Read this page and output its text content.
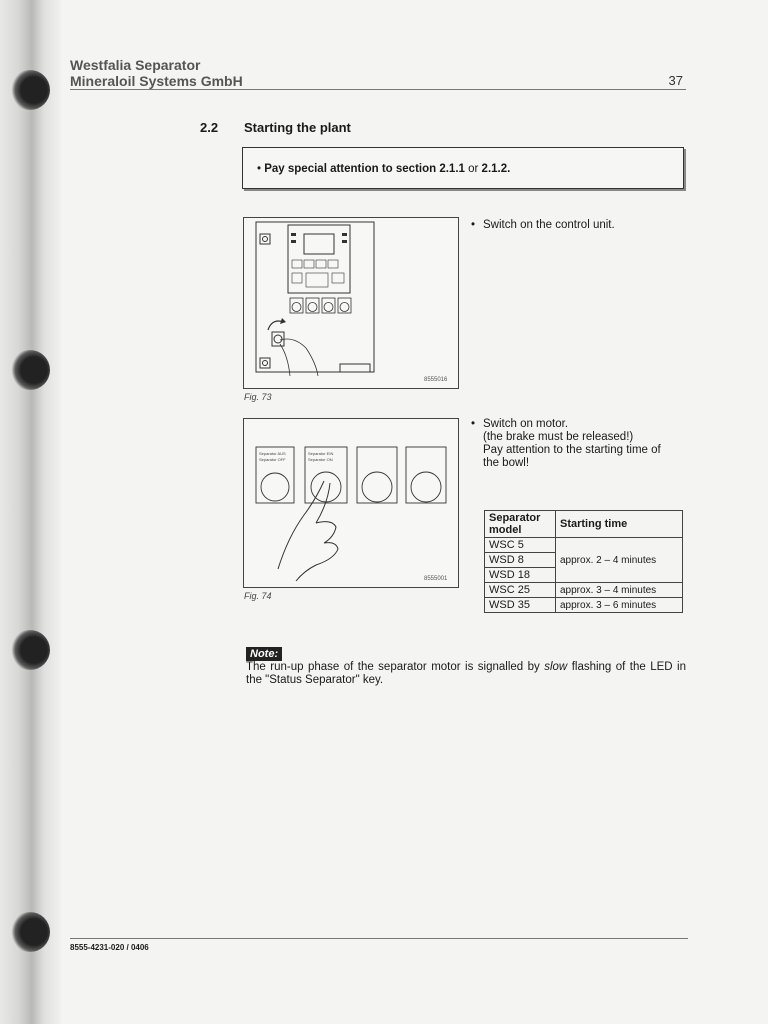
Westfalia Separator
Mineraloil Systems GmbH	37
2.2 Starting the plant
• Pay special attention to section 2.1.1 or 2.1.2.
8555016
Fig. 73
• Switch on the control unit.
Separator AUS
Separator OFF
Separator EIN
Separator ON
8555001
Fig. 74
• Switch on motor.
(the brake must be released!)
Pay attention to the starting time of
the bowl!
Separator model	Starting time
WSC 5	approx. 2 – 4 minutes
WSD 8	
WSD 18	
WSC 25	approx. 3 – 4 minutes
WSD 35	approx. 3 – 6 minutes
Note:
The run-up phase of the separator motor is signalled by slow flashing of the LED in the "Status Separator" key.
8555-4231-020 / 0406
